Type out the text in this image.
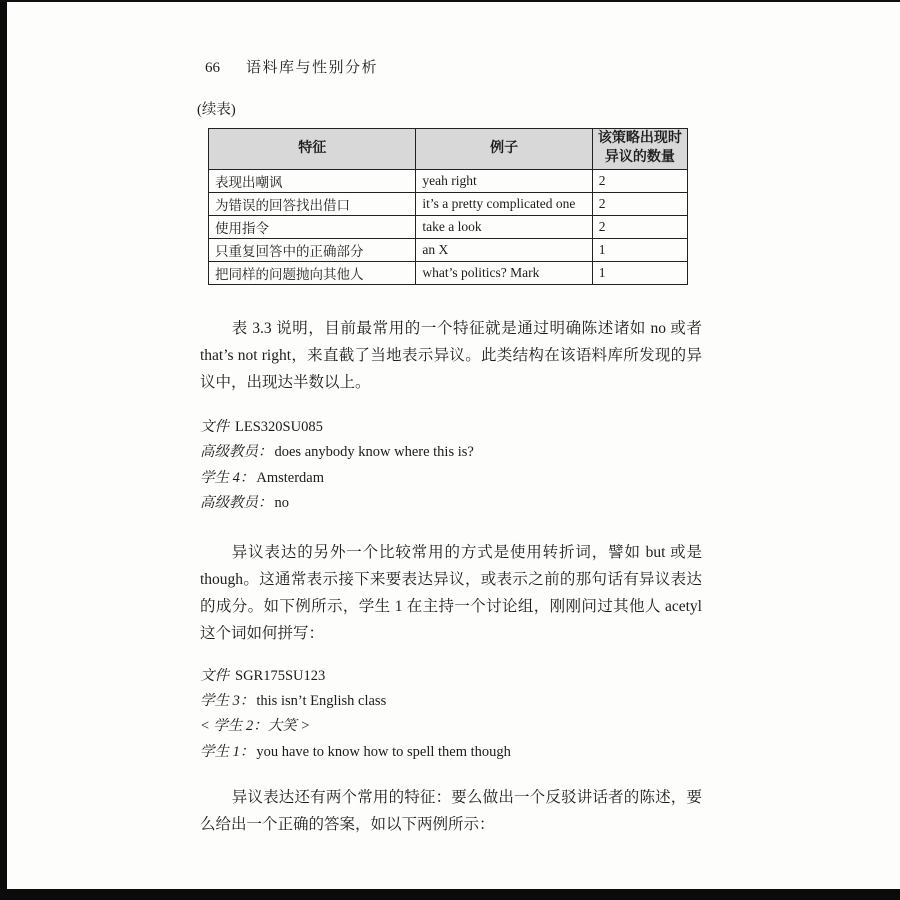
66 语料库与性别分析
(续表)
特征	例子	该策略出现时
异议的数量
表现出嘲讽	yeah right	2
为错误的回答找出借口	it’s a pretty complicated one	2
使用指令	take a look	2
只重复回答中的正确部分	an X	1
把同样的问题抛向其他人	what’s politics? Mark	1

表 3.3 说明，目前最常用的一个特征就是通过明确陈述诸如 no 或者 that’s not right，来直截了当地表示异议。此类结构在该语料库所发现的异议中，出现达半数以上。

文件 LES320SU085
高级教员： does anybody know where this is?
学生 4： Amsterdam
高级教员： no

异议表达的另外一个比较常用的方式是使用转折词，譬如 but 或是 though。这通常表示接下来要表达异议，或表示之前的那句话有异议表达的成分。如下例所示，学生 1 在主持一个讨论组，刚刚问过其他人 acetyl 这个词如何拼写：

文件 SGR175SU123
学生 3： this isn’t English class
< 学生 2：大笑 >
学生 1： you have to know how to spell them though

异议表达还有两个常用的特征：要么做出一个反驳讲话者的陈述，要么给出一个正确的答案，如以下两例所示：
